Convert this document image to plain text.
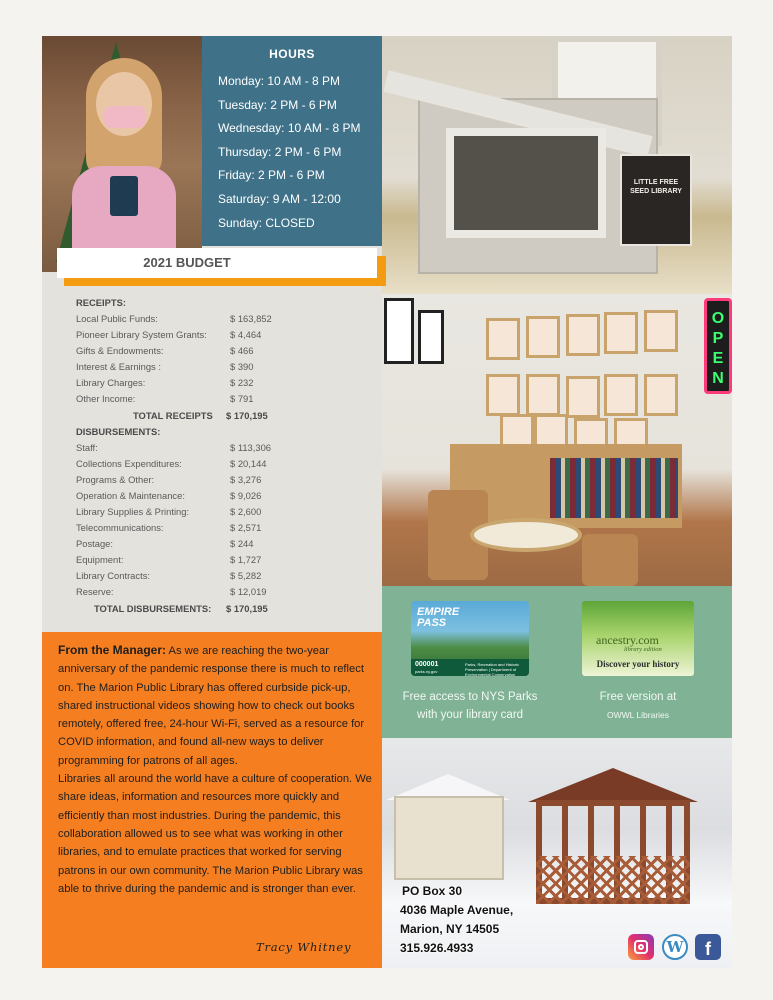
HOURS
Monday: 10 AM - 8 PM
Tuesday: 2 PM - 6 PM
Wednesday: 10 AM - 8 PM
Thursday: 2 PM - 6 PM
Friday: 2 PM - 6 PM
Saturday: 9 AM - 12:00
Sunday: CLOSED
LITTLE FREE SEED LIBRARY
2021 BUDGET
RECEIPTS:
Local Public Funds:	$ 163,852
Pioneer Library System Grants: $ 4,464
Gifts & Endowments:	$ 466
Interest & Earnings :	$ 390
Library Charges:	$ 232
Other Income:	$ 791
TOTAL RECEIPTS $ 170,195
DISBURSEMENTS:
Staff:	$ 113,306
Collections Expenditures:	$ 20,144
Programs & Other:	$ 3,276
Operation & Maintenance:	$ 9,026
Library Supplies & Printing:	$ 2,600
Telecommunications:	$ 2,571
Postage:	$ 244
Equipment:	$ 1,727
Library Contracts:	$ 5,282
Reserve:	$ 12,019
TOTAL DISBURSEMENTS: $ 170,195
O
P
E
N
EMPIRE
PASS
000001
parks.ny.gov
Parks, Recreation and Historic Preservation | Department of Environmental Conservation
Free access to NYS Parks
with your library card
ancestry.com
library edition
Discover your history
Free version at
OWWL Libraries

From the Manager: As we are reaching the two-year anniversary of the pandemic response there is much to reflect on. The Marion Public Library has offered curbside pick-up, shared instructional videos showing how to check out books remotely, offered free, 24-hour Wi-Fi, served as a resource for COVID information, and found all-new ways to deliver programming for patrons of all ages.

Libraries all around the world have a culture of cooperation. We share ideas, information and resources more quickly and efficiently than most industries. During the pandemic, this collaboration allowed us to see what was working in other libraries, and to emulate practices that worked for serving patrons in our own community. The Marion Public Library was able to thrive during the pandemic and is stronger than ever.

Tracy Whitney
PO Box 30
4036 Maple Avenue,
Marion, NY 14505
315.926.4933	W	f
